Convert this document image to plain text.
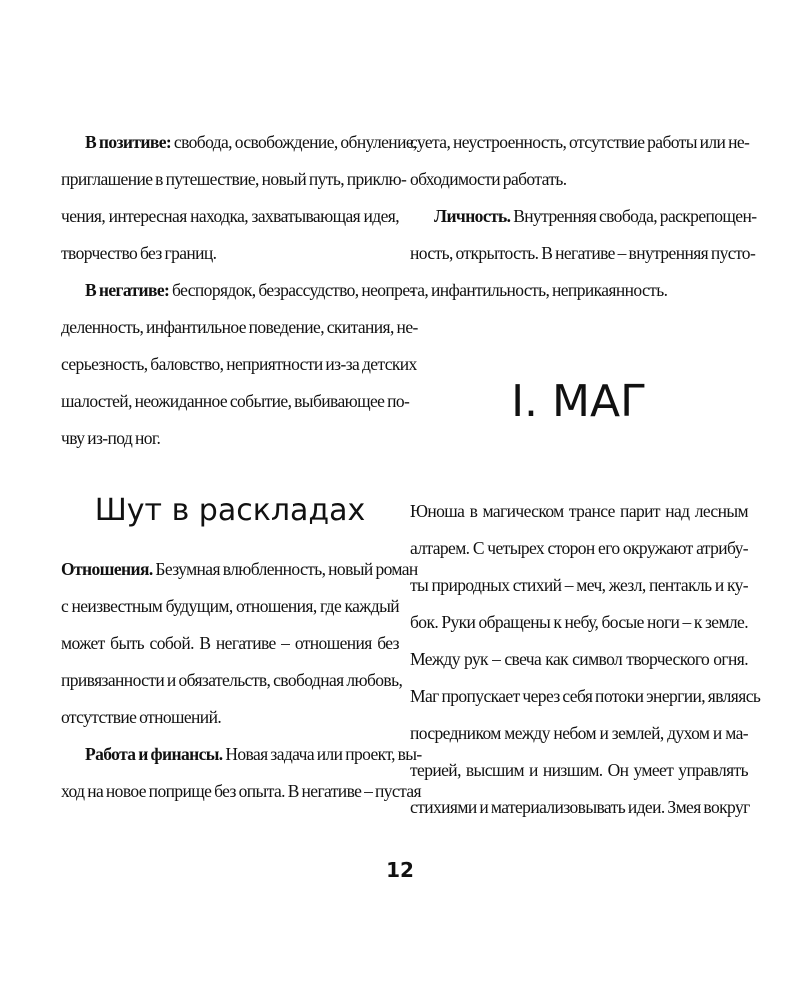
В позитиве: свобода, освобождение, обнуление,
приглашение в путешествие, новый путь, приклю-
чения, интересная находка, захватывающая идея,
творчество без границ.
В негативе: беспорядок, безрассудство, неопре-
деленность, инфантильное поведение, скитания, не-
серьезность, баловство, неприятности из-за детских
шалостей, неожиданное событие, выбивающее по-
чву из-под ног.
Шут в раскладах
Отношения. Безумная влюбленность, новый роман
с неизвестным будущим, отношения, где каждый
может быть собой. В негативе – отношения без
привязанности и обязательств, свободная любовь,
отсутствие отношений.
Работа и финансы. Новая задача или проект, вы-
ход на новое поприще без опыта. В негативе – пустая
суета, неустроенность, отсутствие работы или не-
обходимости работать.
Личность. Внутренняя свобода, раскрепощен-
ность, открытость. В негативе – внутренняя пусто-
та, инфантильность, неприкаянность.
I. МАГ
Юноша в магическом трансе парит над лесным
алтарем. С четырех сторон его окружают атрибу-
ты природных стихий – меч, жезл, пентакль и ку-
бок. Руки обращены к небу, босые ноги – к земле.
Между рук – свеча как символ творческого огня.
Маг пропускает через себя потоки энергии, являясь
посредником между небом и землей, духом и ма-
терией, высшим и низшим. Он умеет управлять
стихиями и материализовывать идеи. Змея вокруг
12
